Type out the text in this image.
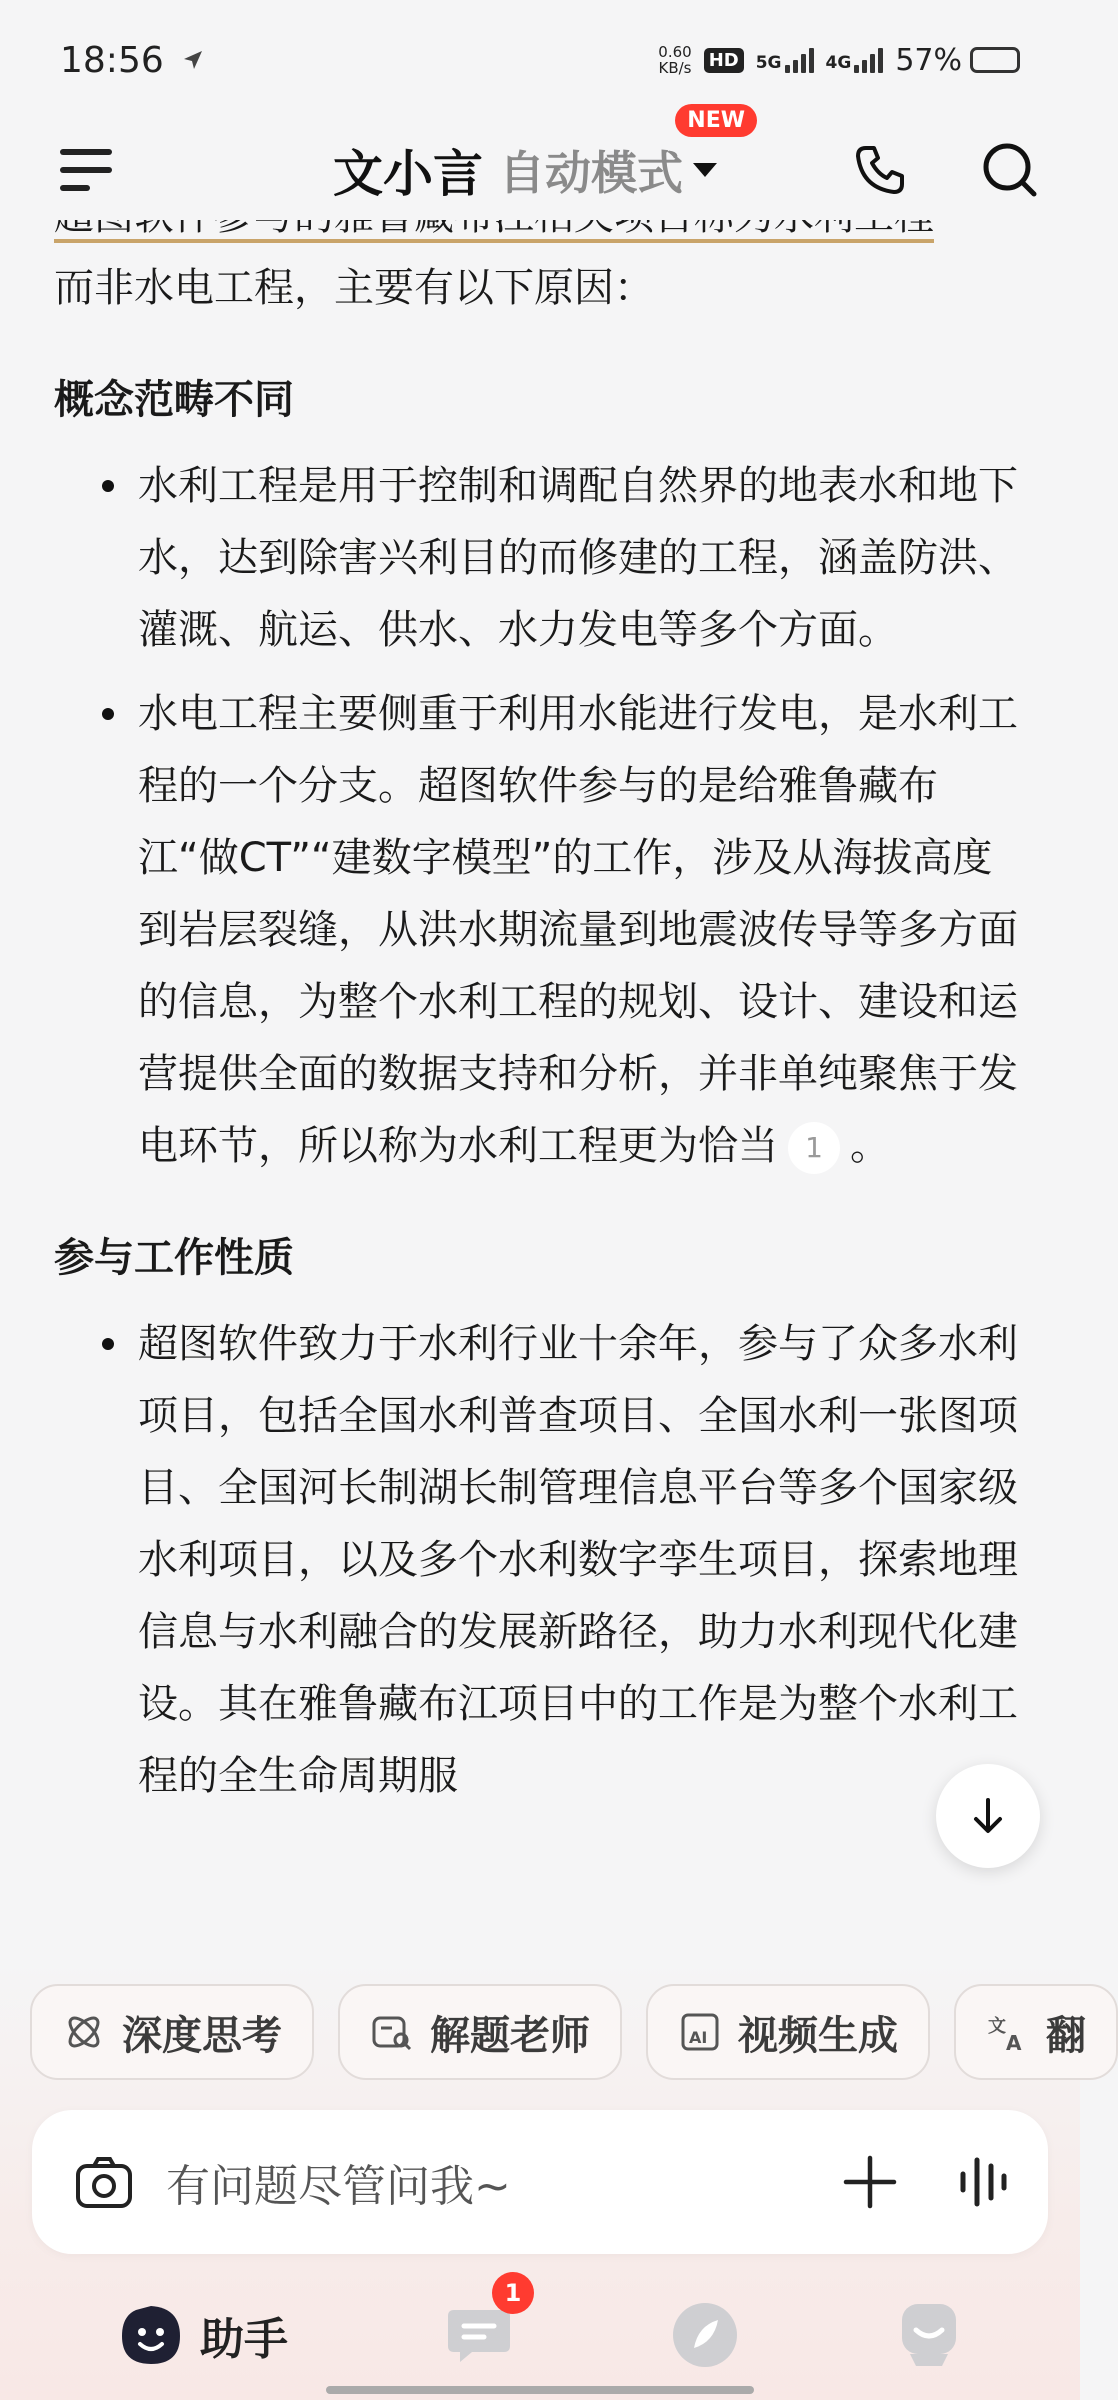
18:56	0.60
KB/s HD 5G	4G 57%

而非水电工程，主要有以下原因：

概念范畴不同
水利工程是用于控制和调配自然界的地表水和地下水，达到除害兴利目的而修建的工程，涵盖防洪、灌溉、航运、供水、水力发电等多个方面。
水电工程主要侧重于利用水能进行发电，是水利工程的一个分支。超图软件参与的是给雅鲁藏布江“做CT”“建数字模型”的工作，涉及从海拔高度到岩层裂缝，从洪水期流量到地震波传导等多方面的信息，为整个水利工程的规划、设计、建设和运营提供全面的数据支持和分析，并非单纯聚焦于发电环节，所以称为水利工程更为恰当 1 。
参与工作性质
超图软件致力于水利行业十余年，参与了众多水利项目，包括全国水利普查项目、全国水利一张图项目、全国河长制湖长制管理信息平台等多个国家级水利项目，以及多个水利数字孪生项目，探索地理信息与水利融合的发展新路径，助力水利现代化建设。其在雅鲁藏布江项目中的工作是为整个水利工程的全生命周期服
文小言 自动模式
NEW
深度思考	解题老师	AI 视频生成	文
A 翻
有问题尽管问我~
助手
1
